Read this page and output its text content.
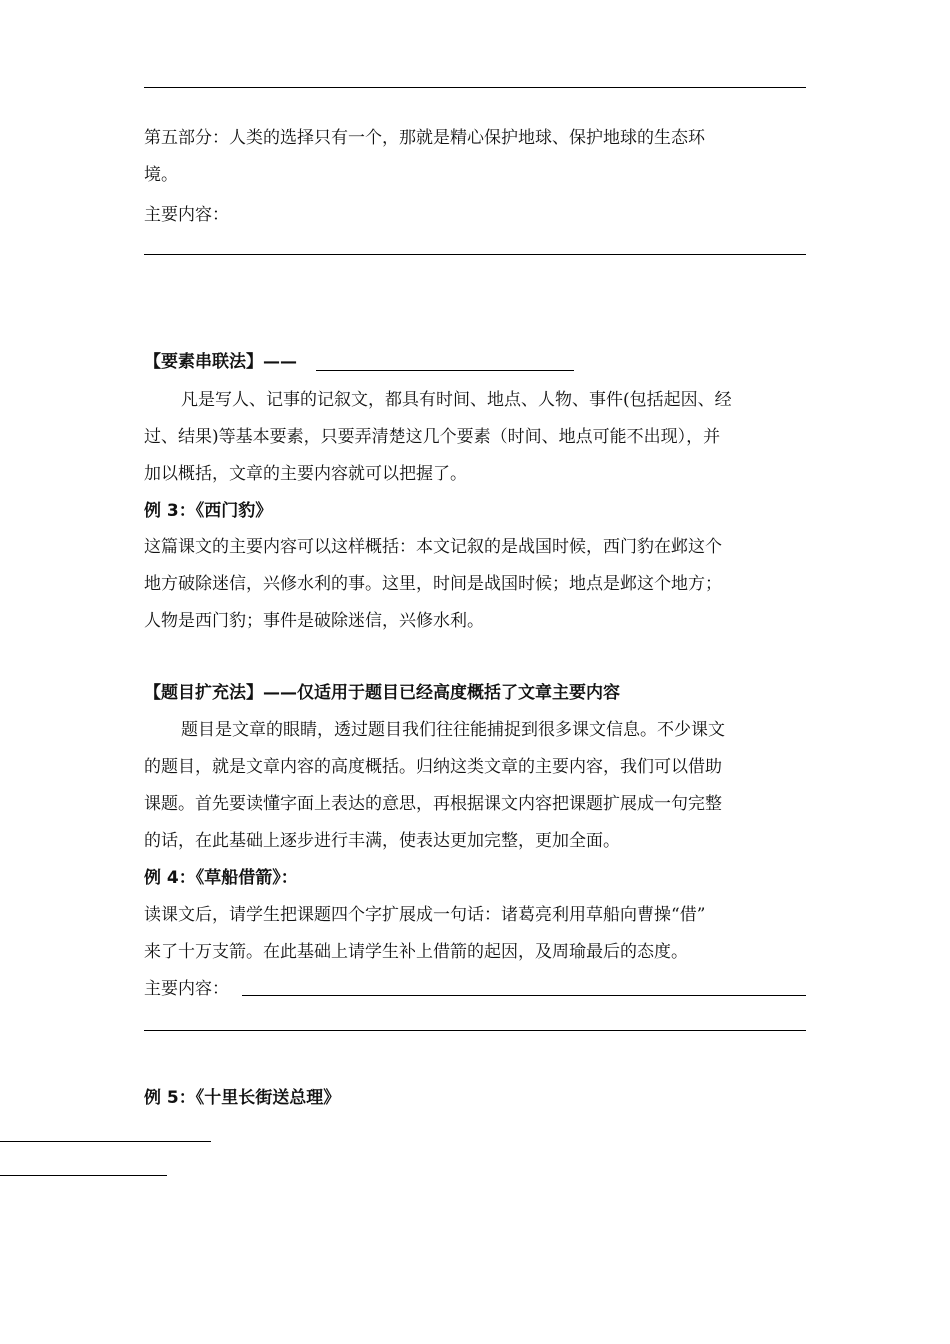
第五部分：人类的选择只有一个，那就是精心保护地球、保护地球的生态环
境。
主要内容：
【要素串联法】——
凡是写人、记事的记叙文，都具有时间、地点、人物、事件(包括起因、经
过、结果)等基本要素，只要弄清楚这几个要素（时间、地点可能不出现），并
加以概括，文章的主要内容就可以把握了。
例 3：《西门豹》
这篇课文的主要内容可以这样概括：本文记叙的是战国时候，西门豹在邺这个
地方破除迷信，兴修水利的事。这里，时间是战国时候；地点是邺这个地方；
人物是西门豹；事件是破除迷信，兴修水利。
【题目扩充法】——仅适用于题目已经高度概括了文章主要内容
题目是文章的眼睛，透过题目我们往往能捕捉到很多课文信息。不少课文
的题目，就是文章内容的高度概括。归纳这类文章的主要内容，我们可以借助
课题。首先要读懂字面上表达的意思，再根据课文内容把课题扩展成一句完整
的话，在此基础上逐步进行丰满，使表达更加完整，更加全面。
例 4：《草船借箭》：
读课文后，请学生把课题四个字扩展成一句话：诸葛亮利用草船向曹操“借”
来了十万支箭。在此基础上请学生补上借箭的起因，及周瑜最后的态度。
主要内容：
例 5：《十里长街送总理》
